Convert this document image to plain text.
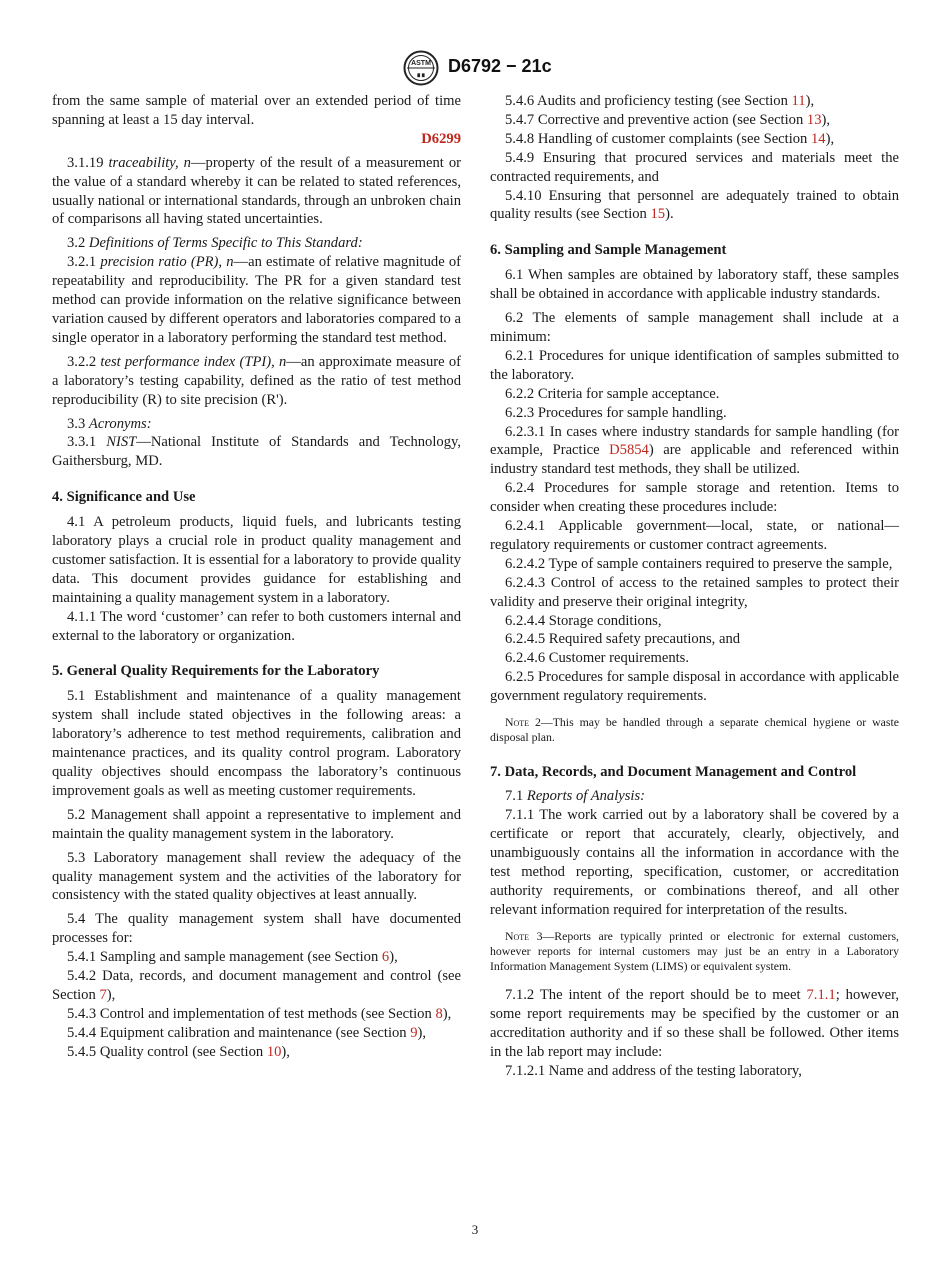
ASTM
∎∎ D6792 − 21c

from the same sample of material over an extended period of time spanning at least a 15 day interval.
D6299

3.1.19 traceability, n—property of the result of a measurement or the value of a standard whereby it can be related to stated references, usually national or international standards, through an unbroken chain of comparisons all having stated uncertainties.

3.2 Definitions of Terms Specific to This Standard:

3.2.1 precision ratio (PR), n—an estimate of relative magnitude of repeatability and reproducibility. The PR for a given standard test method can provide information on the relative significance between variation caused by different operators and laboratories compared to a single operator in a laboratory performing the standard test method.

3.2.2 test performance index (TPI), n—an approximate measure of a laboratory’s testing capability, defined as the ratio of test method reproducibility (R) to site precision (R').

3.3 Acronyms:

3.3.1 NIST—National Institute of Standards and Technology, Gaithersburg, MD.

4. Significance and Use

4.1 A petroleum products, liquid fuels, and lubricants testing laboratory plays a crucial role in product quality management and customer satisfaction. It is essential for a laboratory to provide quality data. This document provides guidance for establishing and maintaining a quality management system in a laboratory.

4.1.1 The word ‘customer’ can refer to both customers internal and external to the laboratory or organization.

5. General Quality Requirements for the Laboratory

5.1 Establishment and maintenance of a quality management system shall include stated objectives in the following areas: a laboratory’s adherence to test method requirements, calibration and maintenance practices, and its quality control program. Laboratory quality objectives should encompass the laboratory’s continuous improvement goals as well as meeting customer requirements.

5.2 Management shall appoint a representative to implement and maintain the quality management system in the laboratory.

5.3 Laboratory management shall review the adequacy of the quality management system and the activities of the laboratory for consistency with the stated quality objectives at least annually.

5.4 The quality management system shall have documented processes for:

5.4.1 Sampling and sample management (see Section 6),

5.4.2 Data, records, and document management and control (see Section 7),

5.4.3 Control and implementation of test methods (see Section 8),

5.4.4 Equipment calibration and maintenance (see Section 9),

5.4.5 Quality control (see Section 10),

5.4.6 Audits and proficiency testing (see Section 11),

5.4.7 Corrective and preventive action (see Section 13),

5.4.8 Handling of customer complaints (see Section 14),

5.4.9 Ensuring that procured services and materials meet the contracted requirements, and

5.4.10 Ensuring that personnel are adequately trained to obtain quality results (see Section 15).

6. Sampling and Sample Management

6.1 When samples are obtained by laboratory staff, these samples shall be obtained in accordance with applicable industry standards.

6.2 The elements of sample management shall include at a minimum:

6.2.1 Procedures for unique identification of samples submitted to the laboratory.

6.2.2 Criteria for sample acceptance.

6.2.3 Procedures for sample handling.

6.2.3.1 In cases where industry standards for sample handling (for example, Practice D5854) are applicable and referenced within industry standard test methods, they shall be utilized.

6.2.4 Procedures for sample storage and retention. Items to consider when creating these procedures include:

6.2.4.1 Applicable government—local, state, or national—regulatory requirements or customer contract agreements.

6.2.4.2 Type of sample containers required to preserve the sample,

6.2.4.3 Control of access to the retained samples to protect their validity and preserve their original integrity,

6.2.4.4 Storage conditions,

6.2.4.5 Required safety precautions, and

6.2.4.6 Customer requirements.

6.2.5 Procedures for sample disposal in accordance with applicable government regulatory requirements.

Note 2—This may be handled through a separate chemical hygiene or waste disposal plan.

7. Data, Records, and Document Management and Control

7.1 Reports of Analysis:

7.1.1 The work carried out by a laboratory shall be covered by a certificate or report that accurately, clearly, objectively, and unambiguously contains all the information in accordance with the test method reporting, specification, customer, or accreditation authority requirements, or combinations thereof, and all other relevant information required for interpretation of the results.

Note 3—Reports are typically printed or electronic for external customers, however reports for internal customers may just be an entry in a Laboratory Information Management System (LIMS) or equivalent system.

7.1.2 The intent of the report should be to meet 7.1.1; however, some report requirements may be specified by the customer or an accreditation authority and if so these shall be followed. Other items in the lab report may include:

7.1.2.1 Name and address of the testing laboratory,

3
